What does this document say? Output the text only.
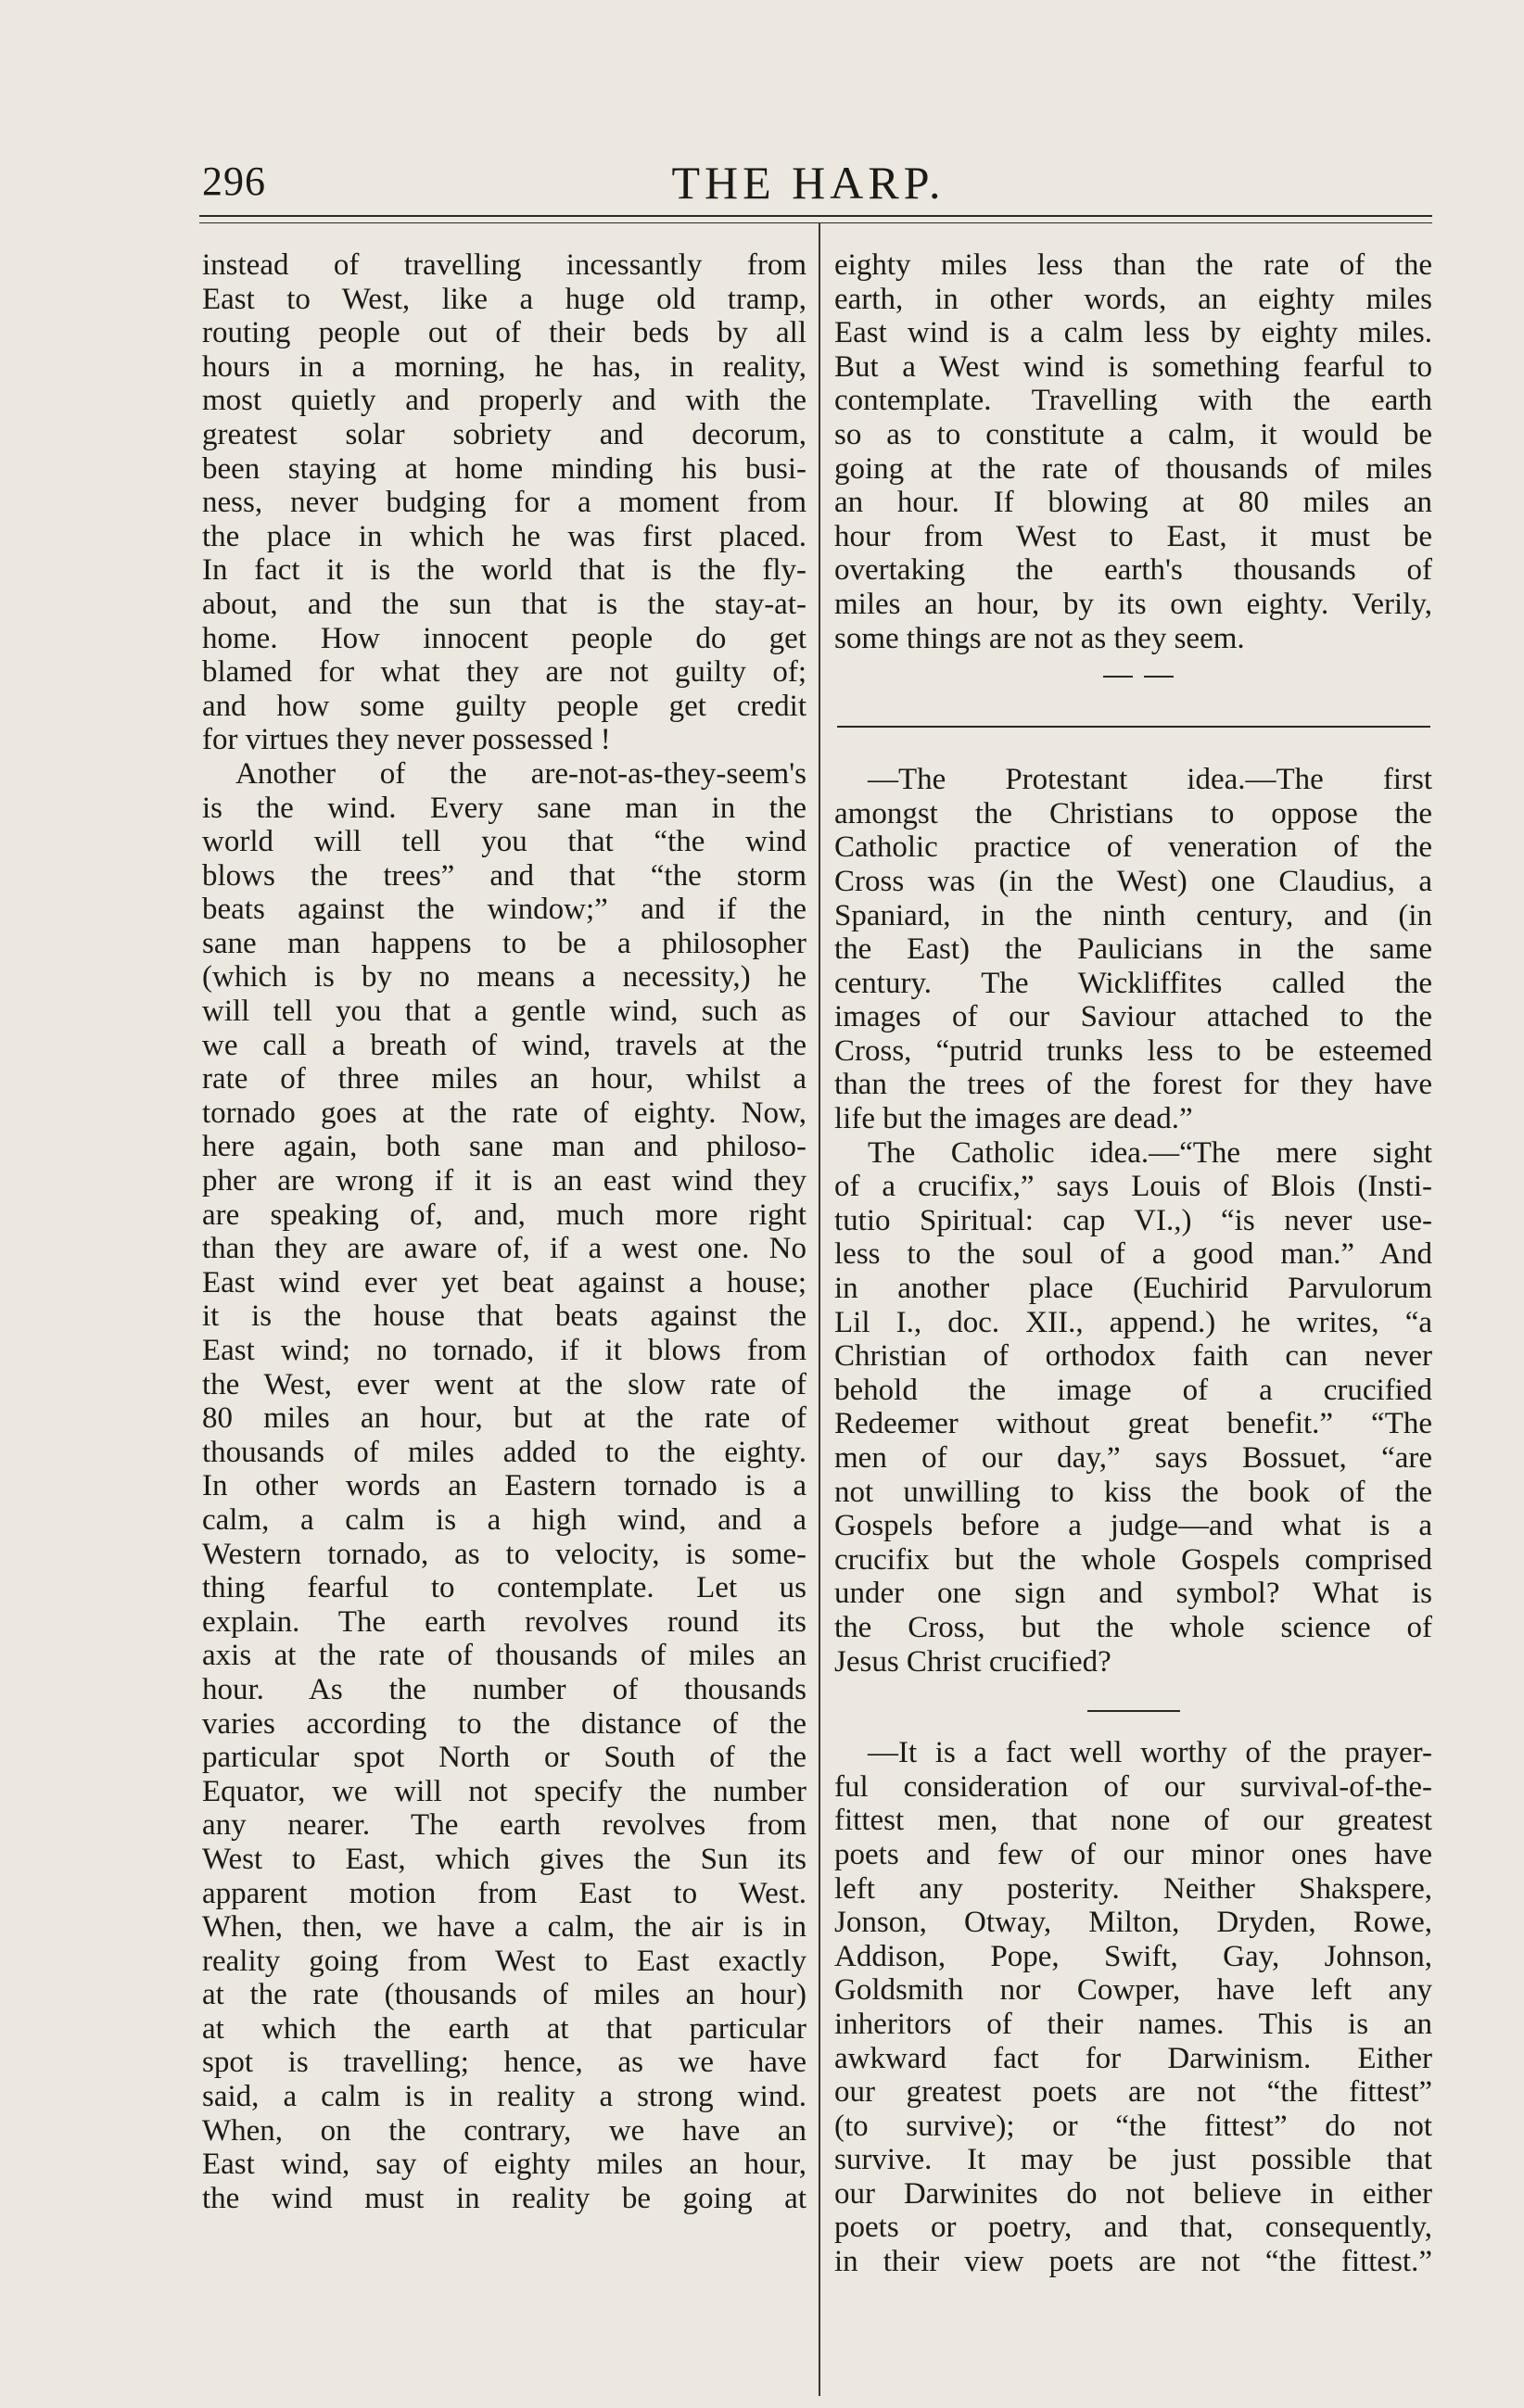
296	THE HARP.

instead of travelling incessantly from

East to West, like a huge old tramp,

routing people out of their beds by all

hours in a morning, he has, in reality,

most quietly and properly and with the

greatest solar sobriety and decorum,

been staying at home minding his busi-

ness, never budging for a moment from

the place in which he was first placed.

In fact it is the world that is the fly-

about, and the sun that is the stay-at-

home. How innocent people do get

blamed for what they are not guilty of;

and how some guilty people get credit

for virtues they never possessed !

Another of the are-not-as-they-seem's

is the wind. Every sane man in the

world will tell you that “the wind

blows the trees” and that “the storm

beats against the window;” and if the

sane man happens to be a philosopher

(which is by no means a necessity,) he

will tell you that a gentle wind, such as

we call a breath of wind, travels at the

rate of three miles an hour, whilst a

tornado goes at the rate of eighty. Now,

here again, both sane man and philoso-

pher are wrong if it is an east wind they

are speaking of, and, much more right

than they are aware of, if a west one. No

East wind ever yet beat against a house;

it is the house that beats against the

East wind; no tornado, if it blows from

the West, ever went at the slow rate of

80 miles an hour, but at the rate of

thousands of miles added to the eighty.

In other words an Eastern tornado is a

calm, a calm is a high wind, and a

Western tornado, as to velocity, is some-

thing fearful to contemplate. Let us

explain. The earth revolves round its

axis at the rate of thousands of miles an

hour. As the number of thousands

varies according to the distance of the

particular spot North or South of the

Equator, we will not specify the number

any nearer. The earth revolves from

West to East, which gives the Sun its

apparent motion from East to West.

When, then, we have a calm, the air is in

reality going from West to East exactly

at the rate (thousands of miles an hour)

at which the earth at that particular

spot is travelling; hence, as we have

said, a calm is in reality a strong wind.

When, on the contrary, we have an

East wind, say of eighty miles an hour,

the wind must in reality be going at

eighty miles less than the rate of the

earth, in other words, an eighty miles

East wind is a calm less by eighty miles.

But a West wind is something fearful to

contemplate. Travelling with the earth

so as to constitute a calm, it would be

going at the rate of thousands of miles

an hour. If blowing at 80 miles an

hour from West to East, it must be

overtaking the earth's thousands of

miles an hour, by its own eighty. Verily,

some things are not as they seem.

—The Protestant idea.—The first

amongst the Christians to oppose the

Catholic practice of veneration of the

Cross was (in the West) one Claudius, a

Spaniard, in the ninth century, and (in

the East) the Paulicians in the same

century. The Wickliffites called the

images of our Saviour attached to the

Cross, “putrid trunks less to be esteemed

than the trees of the forest for they have

life but the images are dead.”

The Catholic idea.—“The mere sight

of a crucifix,” says Louis of Blois (Insti-

tutio Spiritual: cap VI.,) “is never use-

less to the soul of a good man.” And

in another place (Euchirid Parvulorum

Lil I., doc. XII., append.) he writes, “a

Christian of orthodox faith can never

behold the image of a crucified

Redeemer without great benefit.” “The

men of our day,” says Bossuet, “are

not unwilling to kiss the book of the

Gospels before a judge—and what is a

crucifix but the whole Gospels comprised

under one sign and symbol? What is

the Cross, but the whole science of

Jesus Christ crucified?

—It is a fact well worthy of the prayer-

ful consideration of our survival-of-the-

fittest men, that none of our greatest

poets and few of our minor ones have

left any posterity. Neither Shakspere,

Jonson, Otway, Milton, Dryden, Rowe,

Addison, Pope, Swift, Gay, Johnson,

Goldsmith nor Cowper, have left any

inheritors of their names. This is an

awkward fact for Darwinism. Either

our greatest poets are not “the fittest”

(to survive); or “the fittest” do not

survive. It may be just possible that

our Darwinites do not believe in either

poets or poetry, and that, consequently,

in their view poets are not “the fittest.”
